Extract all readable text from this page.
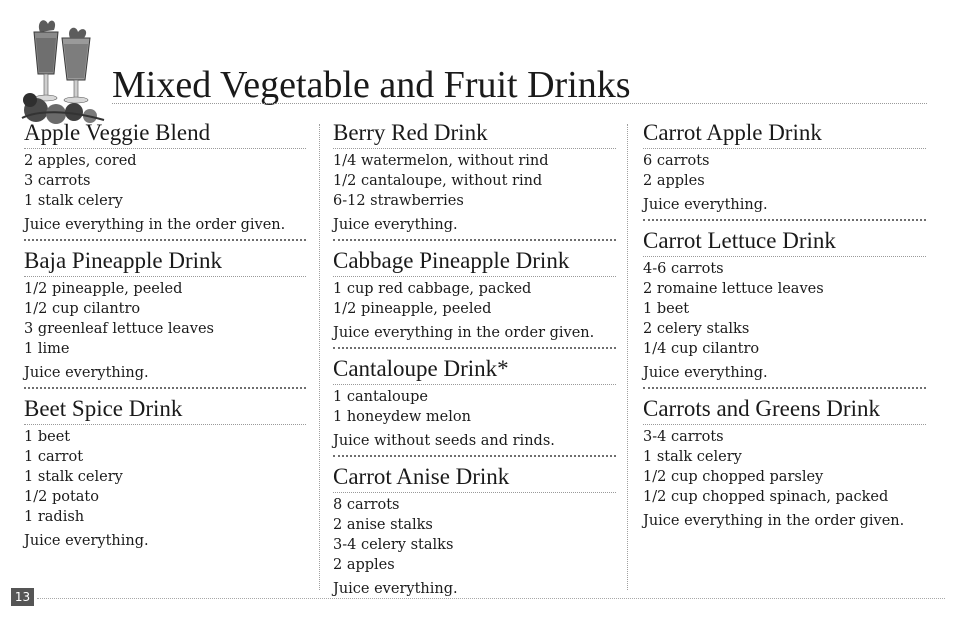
Mixed Vegetable and Fruit Drinks
Apple Veggie Blend
2 apples, cored
3 carrots
1 stalk celery

Juice everything in the order given.

Baja Pineapple Drink
1/2 pineapple, peeled
1/2 cup cilantro
3 greenleaf lettuce leaves
1 lime

Juice everything.

Beet Spice Drink
1 beet
1 carrot
1 stalk celery
1/2 potato
1 radish

Juice everything.

Berry Red Drink
1/4 watermelon, without rind
1/2 cantaloupe, without rind
6-12 strawberries

Juice everything.

Cabbage Pineapple Drink
1 cup red cabbage, packed
1/2 pineapple, peeled

Juice everything in the order given.

Cantaloupe Drink*
1 cantaloupe
1 honeydew melon

Juice without seeds and rinds.

Carrot Anise Drink
8 carrots
2 anise stalks
3-4 celery stalks
2 apples

Juice everything.

Carrot Apple Drink
6 carrots
2 apples

Juice everything.

Carrot Lettuce Drink
4-6 carrots
2 romaine lettuce leaves
1 beet
2 celery stalks
1/4 cup cilantro

Juice everything.

Carrots and Greens Drink
3-4 carrots
1 stalk celery
1/2 cup chopped parsley
1/2 cup chopped spinach, packed

Juice everything in the order given.

13
